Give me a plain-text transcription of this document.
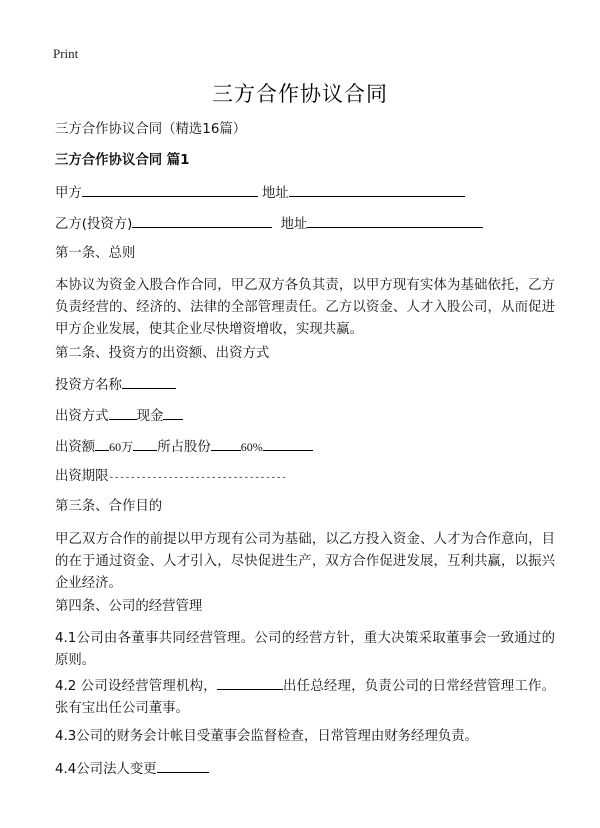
Print
三方合作协议合同
三方合作协议合同（精选16篇）
三方合作协议合同 篇1
甲方	地址
乙方(投资方)	地址
第一条、总则
本协议为资金入股合作合同，甲乙双方各负其责，以甲方现有实体为基础依托，乙方负责经营的、经济的、法律的全部管理责任。乙方以资金、人才入股公司，从而促进甲方企业发展，使其企业尽快增资增收，实现共赢。
第二条、投资方的出资额、出资方式
投资方名称
出资方式 现金
出资额 60万 所占股份	60%
出资期限---------------------------------
第三条、合作目的
甲乙双方合作的前提以甲方现有公司为基础，以乙方投入资金、人才为合作意向，目的在于通过资金、人才引入，尽快促进生产，双方合作促进发展，互利共赢，以振兴企业经济。
第四条、公司的经营管理
4.1公司由各董事共同经营管理。公司的经营方针，重大决策采取董事会一致通过的原则。
4.2 公司设经营管理机构，	出任总经理，负责公司的日常经营管理工作。张有宝出任公司董事。
4.3公司的财务会计帐目受董事会监督检查，日常管理由财务经理负责。
4.4公司法人变更
